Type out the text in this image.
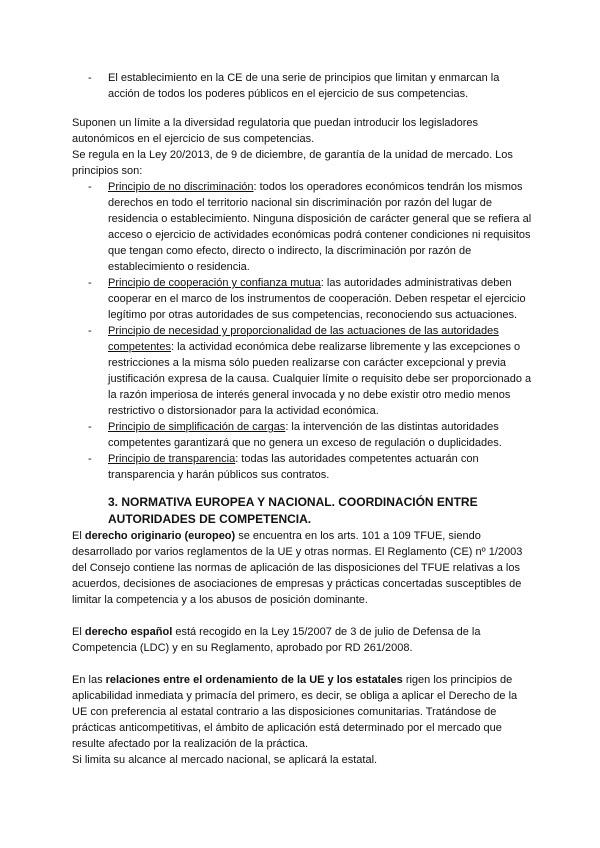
- El establecimiento en la CE de una serie de principios que limitan y enmarcan la acción de todos los poderes públicos en el ejercicio de sus competencias.

Suponen un límite a la diversidad regulatoria que puedan introducir los legisladores autonómicos en el ejercicio de sus competencias.

Se regula en la Ley 20/2013, de 9 de diciembre, de garantía de la unidad de mercado. Los principios son:

- Principio de no discriminación: todos los operadores económicos tendrán los mismos derechos en todo el territorio nacional sin discriminación por razón del lugar de residencia o establecimiento. Ninguna disposición de carácter general que se refiera al acceso o ejercicio de actividades económicas podrá contener condiciones ni requisitos que tengan como efecto, directo o indirecto, la discriminación por razón de establecimiento o residencia.
- Principio de cooperación y confianza mutua: las autoridades administrativas deben cooperar en el marco de los instrumentos de cooperación. Deben respetar el ejercicio legítimo por otras autoridades de sus competencias, reconociendo sus actuaciones.
- Principio de necesidad y proporcionalidad de las actuaciones de las autoridades competentes: la actividad económica debe realizarse libremente y las excepciones o restricciones a la misma sólo pueden realizarse con carácter excepcional y previa justificación expresa de la causa. Cualquier límite o requisito debe ser proporcionado a la razón imperiosa de interés general invocada y no debe existir otro medio menos restrictivo o distorsionador para la actividad económica.
- Principio de simplificación de cargas: la intervención de las distintas autoridades competentes garantizará que no genera un exceso de regulación o duplicidades.
- Principio de transparencia: todas las autoridades competentes actuarán con transparencia y harán públicos sus contratos.
3. NORMATIVA EUROPEA Y NACIONAL. COORDINACIÓN ENTRE AUTORIDADES DE COMPETENCIA.

El derecho originario (europeo) se encuentra en los arts. 101 a 109 TFUE, siendo desarrollado por varios reglamentos de la UE y otras normas. El Reglamento (CE) nº 1/2003 del Consejo contiene las normas de aplicación de las disposiciones del TFUE relativas a los acuerdos, decisiones de asociaciones de empresas y prácticas concertadas susceptibles de limitar la competencia y a los abusos de posición dominante.

El derecho español está recogido en la Ley 15/2007 de 3 de julio de Defensa de la Competencia (LDC) y en su Reglamento, aprobado por RD 261/2008.

En las relaciones entre el ordenamiento de la UE y los estatales rigen los principios de aplicabilidad inmediata y primacía del primero, es decir, se obliga a aplicar el Derecho de la UE con preferencia al estatal contrario a las disposiciones comunitarias. Tratándose de prácticas anticompetitivas, el ámbito de aplicación está determinado por el mercado que resulte afectado por la realización de la práctica.

Si limita su alcance al mercado nacional, se aplicará la estatal.
